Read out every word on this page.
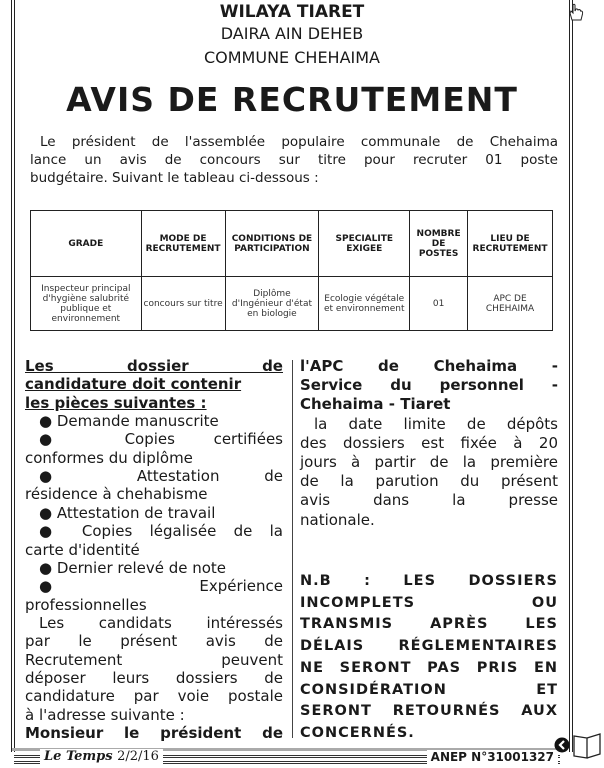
WILAYA TIARET
DAIRA AIN DEHEB
COMMUNE CHEHAIMA
AVIS DE RECRUTEMENT
Le président de l'assemblée populaire communale de Chehaima
lance un avis de concours sur titre pour recruter 01 poste
budgétaire. Suivant le tableau ci-dessous :
GRADE	MODE DE RECRUTEMENT	CONDITIONS DE PARTICIPATION	SPECIALITE EXIGEE	NOMBRE DE POSTES	LIEU DE RECRUTEMENT
Inspecteur principal d'hygiène salubrité publique et environnement	concours sur titre	Diplôme d'Ingénieur d'état en biologie	Ecologie végétale et environnement	01	APC DE CHEHAIMA
Les dossier de
candidature doit contenir
les pièces suivantes :
● Demande manuscrite
● Copies certifiées
conformes du diplôme
● Attestation de
résidence à chehabisme
● Attestation de travail
● Copies légalisée de la
carte d'identité
● Dernier relevé de note
● Expérience
professionnelles
Les candidats intéressés
par le présent avis de
Recrutement peuvent
déposer leurs dossiers de
candidature par voie postale
à l'adresse suivante :
Monsieur le président de
l'APC de Chehaima -
Service du personnel -
Chehaima - Tiaret
la date limite de dépôts
des dossiers est fixée à 20
jours à partir de la première
de la parution du présent
avis dans la presse
nationale.
N.B : LES DOSSIERS
INCOMPLETS OU
TRANSMIS APRÈS LES
DÉLAIS RÉGLEMENTAIRES
NE SERONT PAS PRIS EN
CONSIDÉRATION ET
SERONT RETOURNÉS AUX
CONCERNÉS.
Le Temps 2/2/16	ANEP N°31001327
